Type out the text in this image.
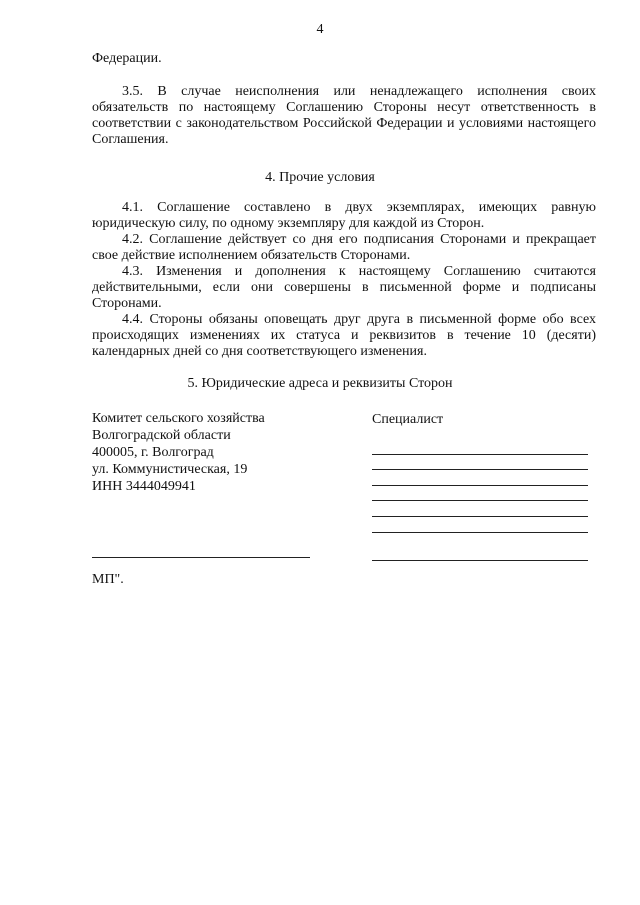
4

Федерации.

3.5. В случае неисполнения или ненадлежащего исполнения своих обязательств по настоящему Соглашению Стороны несут ответственность в соответствии с законодательством Российской Федерации и условиями настоящего Соглашения.

4. Прочие условия

4.1. Соглашение составлено в двух экземплярах, имеющих равную юридическую силу, по одному экземпляру для каждой из Сторон.

4.2. Соглашение действует со дня его подписания Сторонами и прекращает свое действие исполнением обязательств Сторонами.

4.3. Изменения и дополнения к настоящему Соглашению считаются действительными, если они совершены в письменной форме и подписаны Сторонами.

4.4. Стороны обязаны оповещать друг друга в письменной форме обо всех происходящих изменениях их статуса и реквизитов в течение 10 (десяти) календарных дней со дня соответствующего изменения.

5. Юридические адреса и реквизиты Сторон

Комитет сельского хозяйства
Волгоградской области
400005, г. Волгоград
ул. Коммунистическая, 19
ИНН 3444049941
Специалист
МП".
